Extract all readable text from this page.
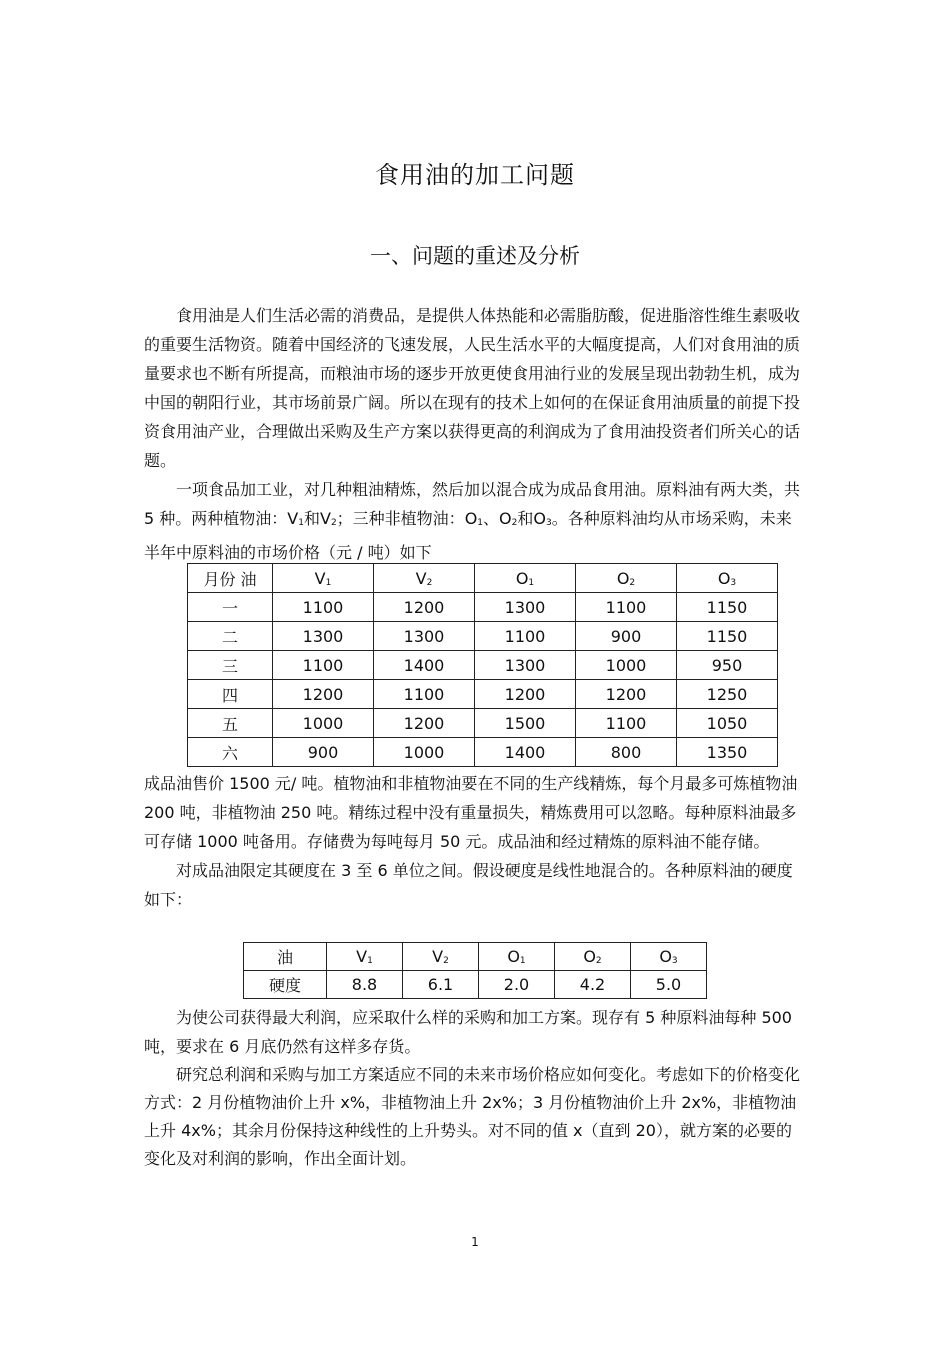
食用油的加工问题
一、问题的重述及分析

食用油是人们生活必需的消费品，是提供人体热能和必需脂肪酸，促进脂溶性维生素吸收的重要生活物资。随着中国经济的飞速发展，人民生活水平的大幅度提高，人们对食用油的质量要求也不断有所提高，而粮油市场的逐步开放更使食用油行业的发展呈现出勃勃生机，成为中国的朝阳行业，其市场前景广阔。所以在现有的技术上如何的在保证食用油质量的前提下投资食用油产业，合理做出采购及生产方案以获得更高的利润成为了食用油投资者们所关心的话题。

一项食品加工业，对几种粗油精炼，然后加以混合成为成品食用油。原料油有两大类，共 5 种。两种植物油：$V_1$和$V_2$；三种非植物油：$O_1$、$O_2$和$O_3$。各种原料油均从市场采购，未来半年中原料油的市场价格（元 / 吨）如下

月份 油	$V_1$	$V_2$	$O_1$	$O_2$	$O_3$
一	1100	1200	1300	1100	1150
二	1300	1300	1100	900	1150
三	1100	1400	1300	1000	950
四	1200	1100	1200	1200	1250
五	1000	1200	1500	1100	1050
六	900	1000	1400	800	1350

成品油售价 1500 元/ 吨。植物油和非植物油要在不同的生产线精炼，每个月最多可炼植物油 200 吨，非植物油 250 吨。精练过程中没有重量损失，精炼费用可以忽略。每种原料油最多可存储 1000 吨备用。存储费为每吨每月 50 元。成品油和经过精炼的原料油不能存储。

对成品油限定其硬度在 3 至 6 单位之间。假设硬度是线性地混合的。各种原料油的硬度如下：

油	$V_1$	$V_2$	$O_1$	$O_2$	$O_3$
硬度	8.8	6.1	2.0	4.2	5.0

为使公司获得最大利润，应采取什么样的采购和加工方案。现存有 5 种原料油每种 500 吨，要求在 6 月底仍然有这样多存货。

研究总利润和采购与加工方案适应不同的未来市场价格应如何变化。考虑如下的价格变化方式：2 月份植物油价上升 x%，非植物油上升 2x%；3 月份植物油价上升 2x%，非植物油上升 4x%；其余月份保持这种线性的上升势头。对不同的值 x（直到 20），就方案的必要的变化及对利润的影响，作出全面计划。

1
